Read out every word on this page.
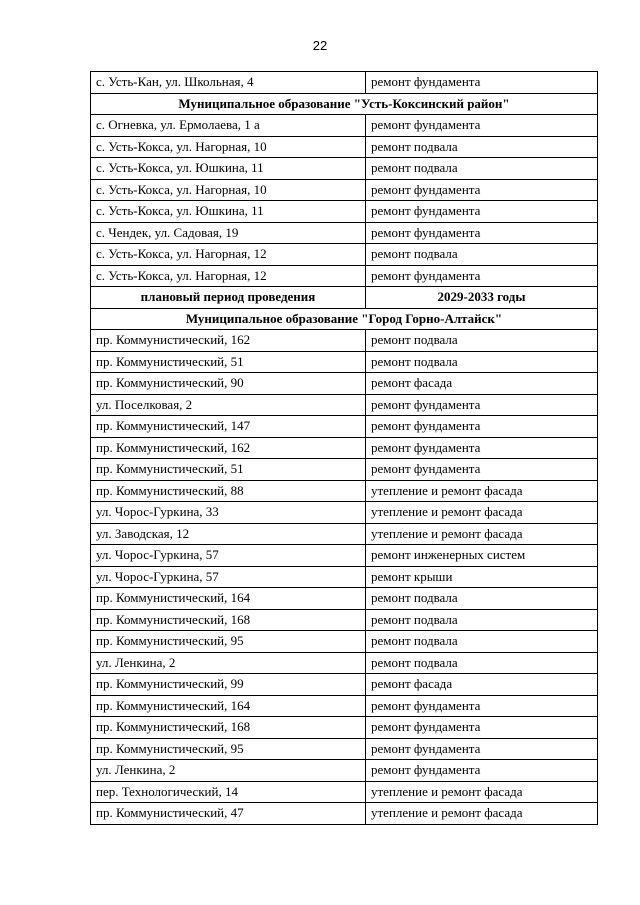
22
с. Усть-Кан, ул. Школьная, 4	ремонт фундамента
Муниципальное образование "Усть-Коксинский район"	
с. Огневка, ул. Ермолаева, 1 а	ремонт фундамента
с. Усть-Кокса, ул. Нагорная, 10	ремонт подвала
с. Усть-Кокса, ул. Юшкина, 11	ремонт подвала
с. Усть-Кокса, ул. Нагорная, 10	ремонт фундамента
с. Усть-Кокса, ул. Юшкина, 11	ремонт фундамента
с. Чендек, ул. Садовая, 19	ремонт фундамента
с. Усть-Кокса, ул. Нагорная, 12	ремонт подвала
с. Усть-Кокса, ул. Нагорная, 12	ремонт фундамента
плановый период проведения	2029-2033 годы
Муниципальное образование "Город Горно-Алтайск"	
пр. Коммунистический, 162	ремонт подвала
пр. Коммунистический, 51	ремонт подвала
пр. Коммунистический, 90	ремонт фасада
ул. Поселковая, 2	ремонт фундамента
пр. Коммунистический, 147	ремонт фундамента
пр. Коммунистический, 162	ремонт фундамента
пр. Коммунистический, 51	ремонт фундамента
пр. Коммунистический, 88	утепление и ремонт фасада
ул. Чорос-Гуркина, 33	утепление и ремонт фасада
ул. Заводская, 12	утепление и ремонт фасада
ул. Чорос-Гуркина, 57	ремонт инженерных систем
ул. Чорос-Гуркина, 57	ремонт крыши
пр. Коммунистический, 164	ремонт подвала
пр. Коммунистический, 168	ремонт подвала
пр. Коммунистический, 95	ремонт подвала
ул. Ленкина, 2	ремонт подвала
пр. Коммунистический, 99	ремонт фасада
пр. Коммунистический, 164	ремонт фундамента
пр. Коммунистический, 168	ремонт фундамента
пр. Коммунистический, 95	ремонт фундамента
ул. Ленкина, 2	ремонт фундамента
пер. Технологический, 14	утепление и ремонт фасада
пр. Коммунистический, 47	утепление и ремонт фасада
